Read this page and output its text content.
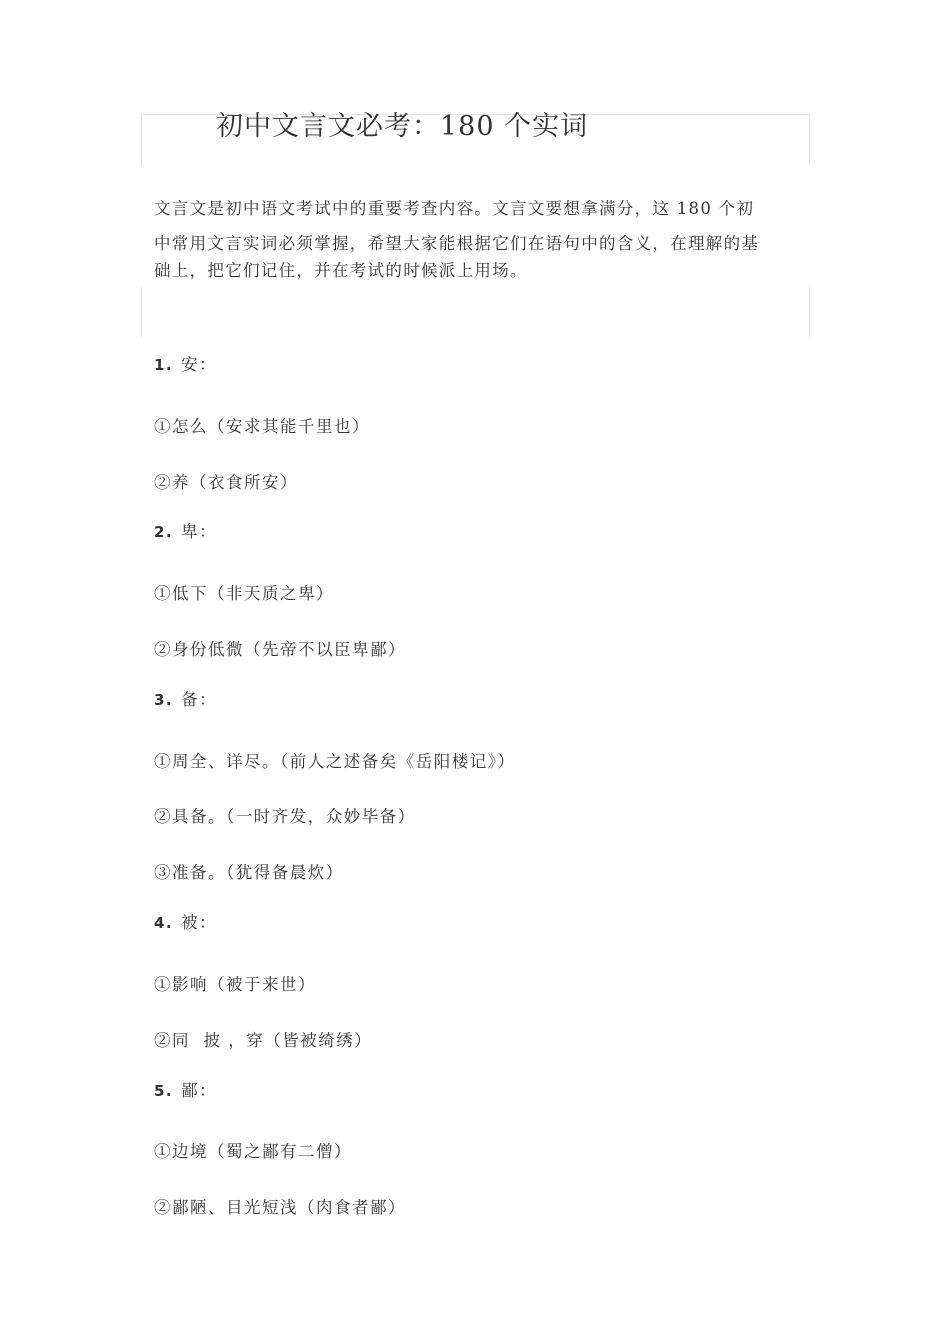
初中文言文必考：180 个实词

文言文是初中语文考试中的重要考查内容。文言文要想拿满分，这 180 个初

中常用文言实词必须掌握，希望大家能根据它们在语句中的含义，在理解的基

础上，把它们记住，并在考试的时候派上用场。

1. 安：
①怎么（安求其能千里也）
②养（衣食所安）
2. 卑：
①低下（非天质之卑）
②身份低微（先帝不以臣卑鄙）
3. 备：
①周全、详尽。（前人之述备矣《岳阳楼记》）
②具备。（一时齐发，众妙毕备）
③准备。（犹得备晨炊）
4. 被：
①影响（被于来世）
②同  披 ，穿（皆被绮绣）
5. 鄙：
①边境（蜀之鄙有二僧）
②鄙陋、目光短浅（肉食者鄙）
